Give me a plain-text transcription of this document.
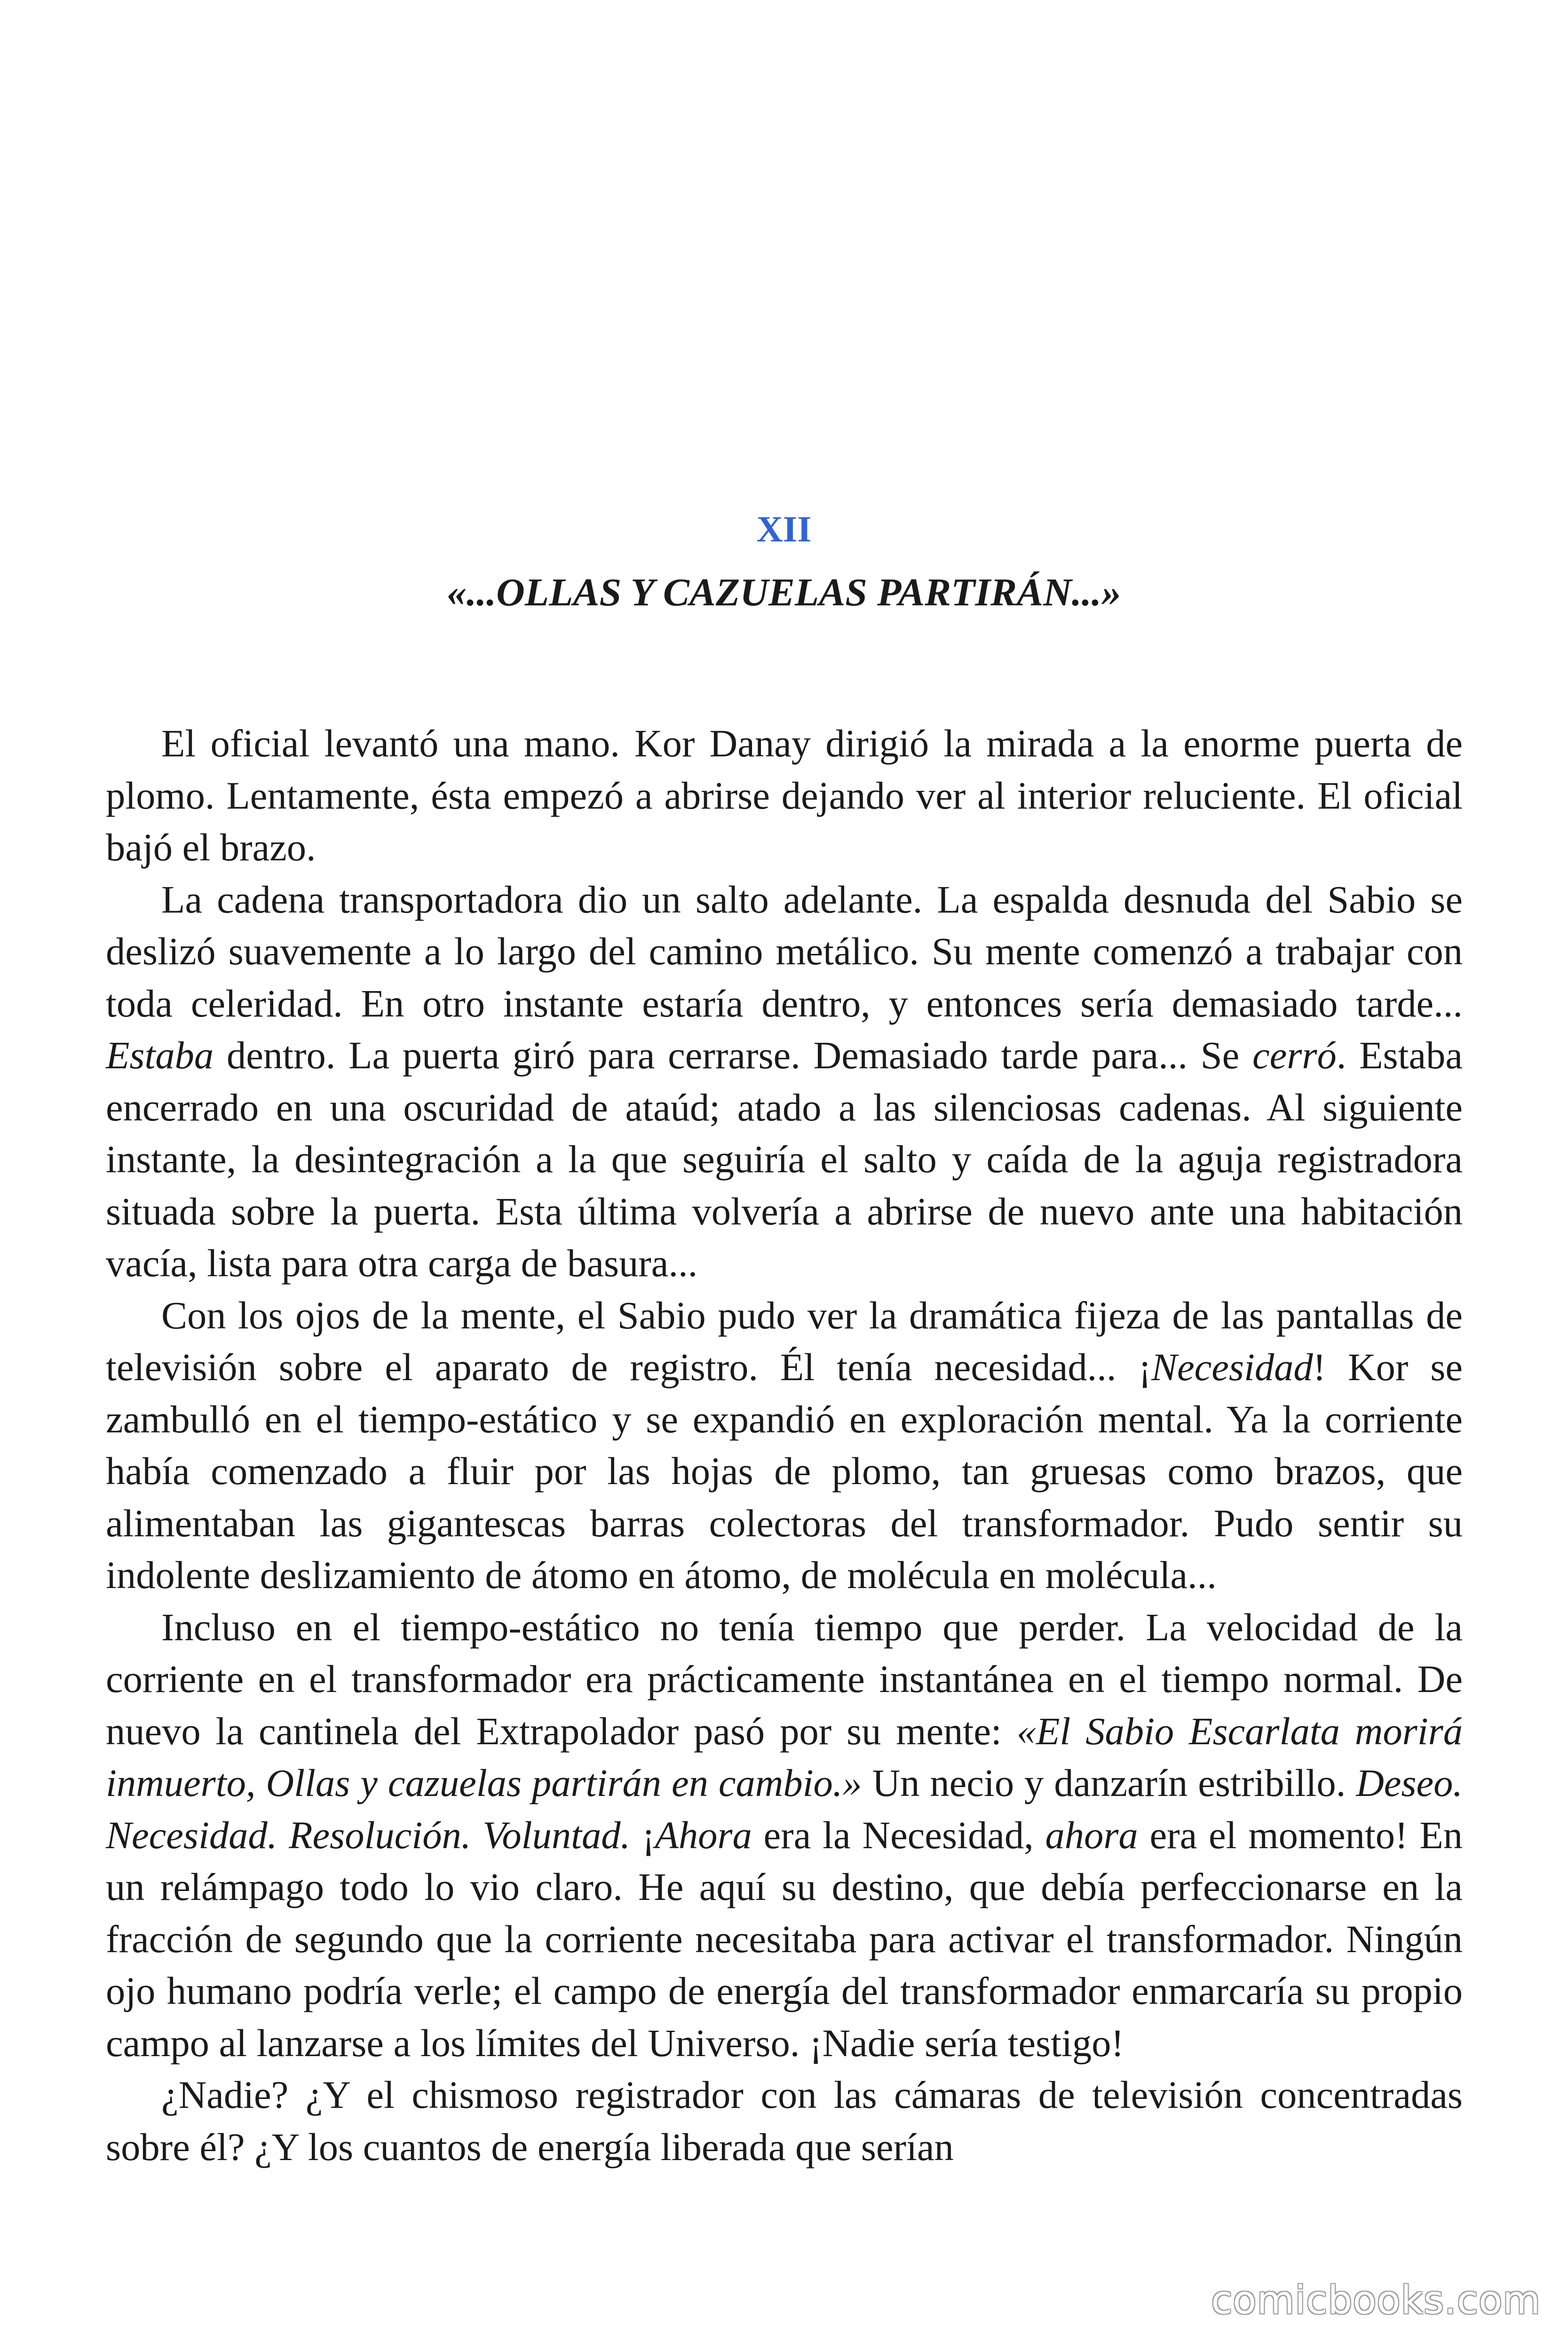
XII
«...OLLAS Y CAZUELAS PARTIRÁN...»

El oficial levantó una mano. Kor Danay dirigió la mirada a la enorme puerta de plomo. Lentamente, ésta empezó a abrirse dejando ver al interior reluciente. El oficial bajó el brazo.

La cadena transportadora dio un salto adelante. La espalda desnuda del Sabio se deslizó suavemente a lo largo del camino metálico. Su mente comenzó a trabajar con toda celeridad. En otro instante estaría dentro, y entonces sería demasiado tarde... Estaba dentro. La puerta giró para cerrarse. Demasiado tarde para... Se cerró. Estaba encerrado en una oscuridad de ataúd; atado a las silenciosas cadenas. Al siguiente instante, la desintegración a la que seguiría el salto y caída de la aguja registradora situada sobre la puerta. Esta última volvería a abrirse de nuevo ante una habitación vacía, lista para otra carga de basura...

Con los ojos de la mente, el Sabio pudo ver la dramática fijeza de las pantallas de televisión sobre el aparato de registro. Él tenía necesidad... ¡Necesidad! Kor se zambulló en el tiempo-estático y se expandió en exploración mental. Ya la corriente había comenzado a fluir por las hojas de plomo, tan gruesas como brazos, que alimentaban las gigantescas barras colectoras del transformador. Pudo sentir su indolente deslizamiento de átomo en átomo, de molécula en molécula...

Incluso en el tiempo-estático no tenía tiempo que perder. La velocidad de la corriente en el transformador era prácticamente instantánea en el tiempo normal. De nuevo la cantinela del Extrapolador pasó por su mente: «El Sabio Escarlata morirá inmuerto, Ollas y cazuelas partirán en cambio.» Un necio y danzarín estribillo. Deseo. Necesidad. Resolución. Voluntad. ¡Ahora era la Necesidad, ahora era el momento! En un relámpago todo lo vio claro. He aquí su destino, que debía perfeccionarse en la fracción de segundo que la corriente necesitaba para activar el transformador. Ningún ojo humano podría verle; el campo de energía del transformador enmarcaría su propio campo al lanzarse a los límites del Universo. ¡Nadie sería testigo!

¿Nadie? ¿Y el chismoso registrador con las cámaras de televisión concentradas sobre él? ¿Y los cuantos de energía liberada que serían

comicbooks.com
